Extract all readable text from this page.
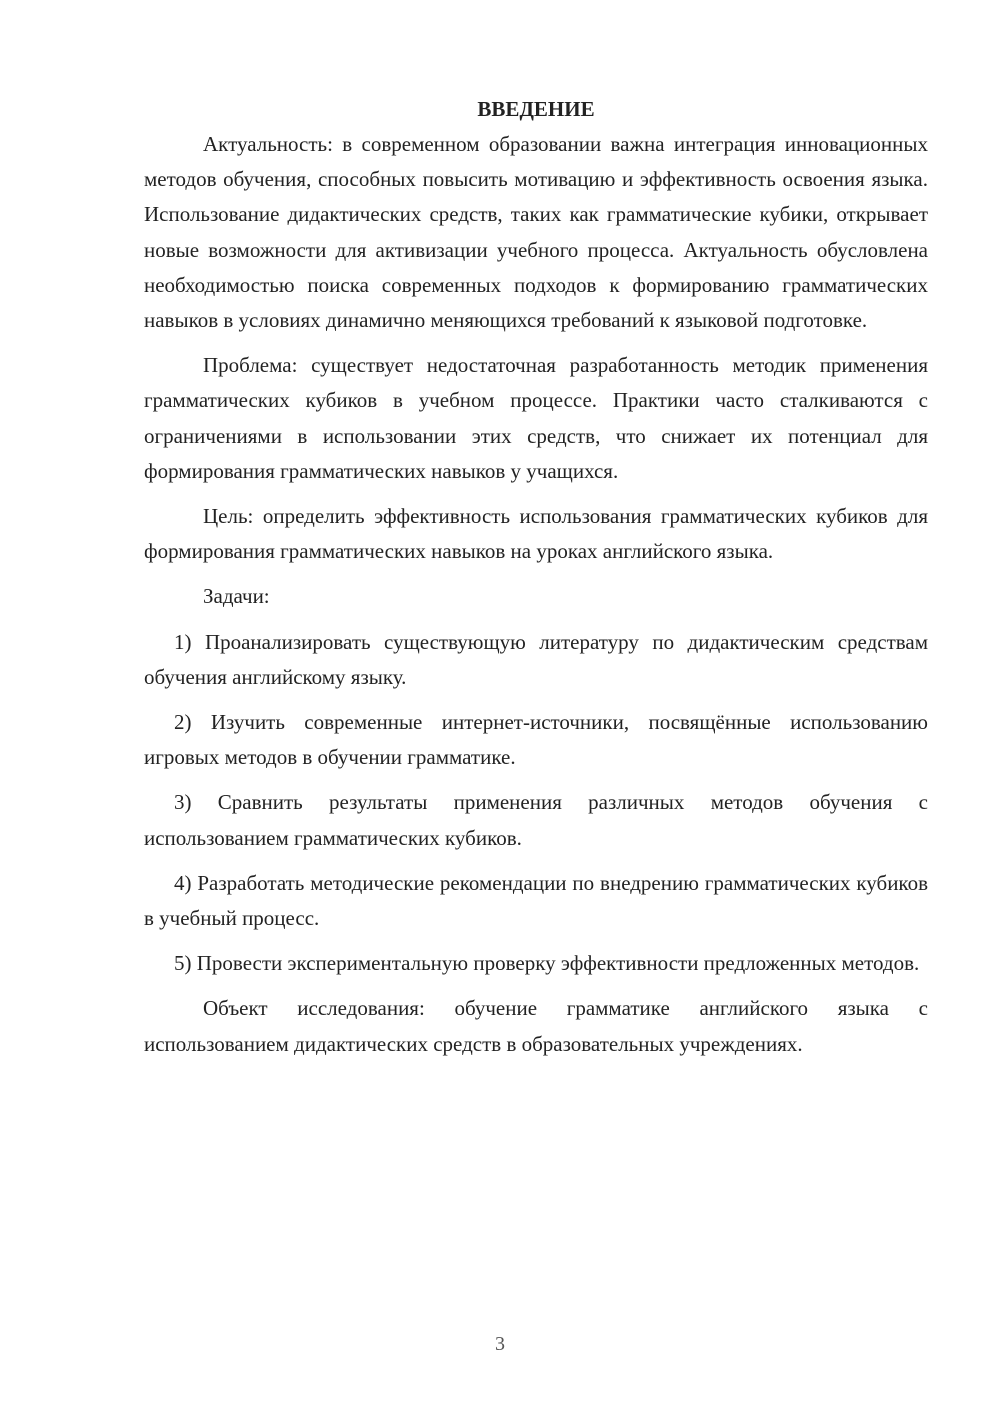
ВВЕДЕНИЕ

Актуальность: в современном образовании важна интеграция инновационных методов обучения, способных повысить мотивацию и эффективность освоения языка. Использование дидактических средств, таких как грамматические кубики, открывает новые возможности для активизации учебного процесса. Актуальность обусловлена необходимостью поиска современных подходов к формированию грамматических навыков в условиях динамично меняющихся требований к языковой подготовке.

Проблема: существует недостаточная разработанность методик применения грамматических кубиков в учебном процессе. Практики часто сталкиваются с ограничениями в использовании этих средств, что снижает их потенциал для формирования грамматических навыков у учащихся.

Цель: определить эффективность использования грамматических кубиков для формирования грамматических навыков на уроках английского языка.

Задачи:

1) Проанализировать существующую литературу по дидактическим средствам обучения английскому языку.

2) Изучить современные интернет-источники, посвящённые использованию игровых методов в обучении грамматике.

3) Сравнить результаты применения различных методов обучения с использованием грамматических кубиков.

4) Разработать методические рекомендации по внедрению грамматических кубиков в учебный процесс.

5) Провести экспериментальную проверку эффективности предложенных методов.

Объект исследования: обучение грамматике английского языка с использованием дидактических средств в образовательных учреждениях.

3
